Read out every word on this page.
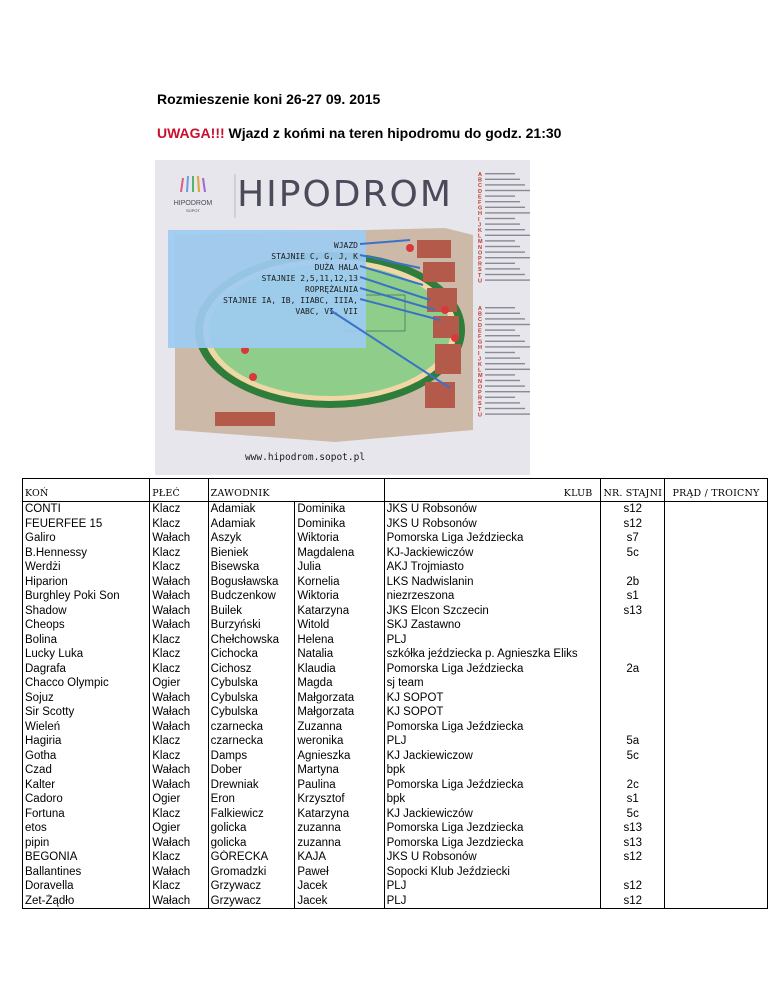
Rozmieszenie koni 26-27 09. 2015
UWAGA!!! Wjazd z końmi na teren hipodromu do godz. 21:30
HIPODROM
SOPOT HIPODROM
WJAZD
STAJNIE C, G, J, K
DUŻA HALA
STAJNIE 2,5,11,12,13
ROPRĘŻALNIA
STAJNIE IA, IB, IIABC, IIIA,
VABC, VI, VII
A
B
C
D
E
F
G
H
I
J
K
L
M
N
O
P
R
S
T
U
A
B
C
D
E
F
G
H
I
J
K
L
M
N
O
P
R
S
T
U
www.hipodrom.sopot.pl
KOŃ	PŁEĆ	ZAWODNIK		KLUB	NR. STAJNI	PRĄD / TROICNY
CONTI	Klacz	Adamiak	Dominika	JKS U Robsonów	s12	
FEUERFEE 15	Klacz	Adamiak	Dominika	JKS U Robsonów	s12	
Galiro	Wałach	Aszyk	Wiktoria	Pomorska Liga Jeździecka	s7	
B.Hennessy	Klacz	Bieniek	Magdalena	KJ-Jackiewiczów	5c	
Werdżi	Klacz	Bisewska	Julia	AKJ Trojmiasto		
Hiparion	Wałach	Bogusławska	Kornelia	LKS Nadwislanin	2b	
Burghley Poki Son	Wałach	Budczenkow	Wiktoria	niezrzeszona	s1	
Shadow	Wałach	Builek	Katarzyna	JKS Elcon Szczecin	s13	
Cheops	Wałach	Burzyński	Witold	SKJ Zastawno		
Bolina	Klacz	Chełchowska	Helena	PLJ		
Lucky Luka	Klacz	Cichocka	Natalia	szkółka jeździecka p. Agnieszka Eliks		
Dagrafa	Klacz	Cichosz	Klaudia	Pomorska Liga Jeździecka	2a	
Chacco Olympic	Ogier	Cybulska	Magda	sj team		
Sojuz	Wałach	Cybulska	Małgorzata	KJ SOPOT		
Sir Scotty	Wałach	Cybulska	Małgorzata	KJ SOPOT		
Wieleń	Wałach	czarnecka	Zuzanna	Pomorska Liga Jeździecka		
Hagiria	Klacz	czarnecka	weronika	PLJ	5a	
Gotha	Klacz	Damps	Agnieszka	KJ Jackiewiczow	5c	
Czad	Wałach	Dober	Martyna	bpk		
Kalter	Wałach	Drewniak	Paulina	Pomorska Liga Jeździecka	2c	
Cadoro	Ogier	Eron	Krzysztof	bpk	s1	
Fortuna	Klacz	Falkiewicz	Katarzyna	KJ Jackiewiczów	5c	
etos	Ogier	golicka	zuzanna	Pomorska Liga Jezdziecka	s13	
pipin	Wałach	golicka	zuzanna	Pomorska Liga Jezdziecka	s13	
BEGONIA	Klacz	GÓRECKA	KAJA	JKS U Robsonów	s12	
Ballantines	Wałach	Gromadzki	Paweł	Sopocki Klub Jeździecki		
Doravella	Klacz	Grzywacz	Jacek	PLJ	s12	
Zet-Żądło	Wałach	Grzywacz	Jacek	PLJ	s12	
